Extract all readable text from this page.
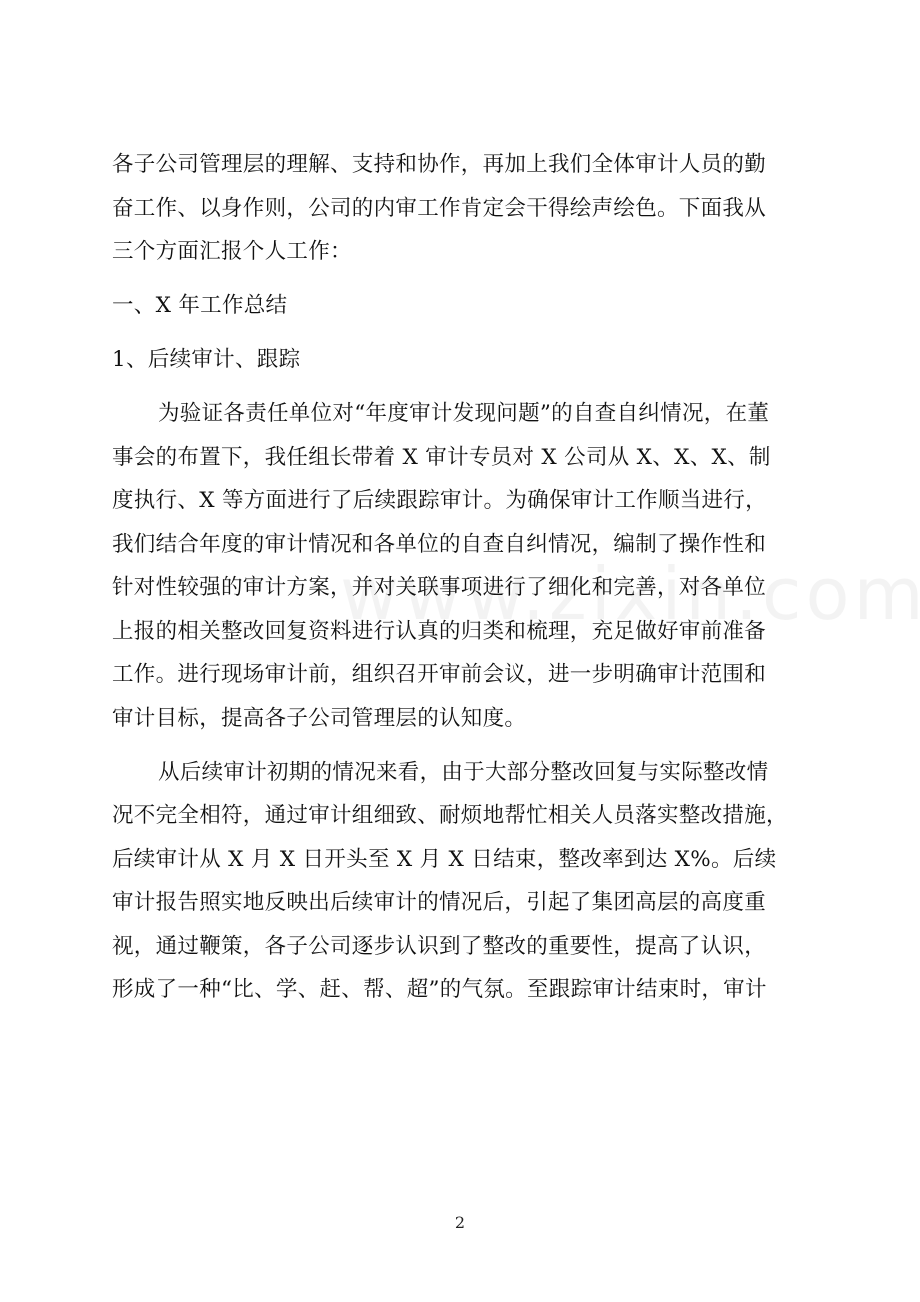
各子公司管理层的理解、支持和协作，再加上我们全体审计人员的勤
奋工作、以身作则，公司的内审工作肯定会干得绘声绘色。下面我从
三个方面汇报个人工作：

一、X 年工作总结

1、后续审计、跟踪

为验证各责任单位对“年度审计发现问题”的自查自纠情况，在董
事会的布置下，我任组长带着 X 审计专员对 X 公司从 X、X、X、制
度执行、X 等方面进行了后续跟踪审计。为确保审计工作顺当进行，
我们结合年度的审计情况和各单位的自查自纠情况，编制了操作性和
针对性较强的审计方案，并对关联事项进行了细化和完善，对各单位
上报的相关整改回复资料进行认真的归类和梳理，充足做好审前准备
工作。进行现场审计前，组织召开审前会议，进一步明确审计范围和
审计目标，提高各子公司管理层的认知度。

从后续审计初期的情况来看，由于大部分整改回复与实际整改情
况不完全相符，通过审计组细致、耐烦地帮忙相关人员落实整改措施，
后续审计从 X 月 X 日开头至 X 月 X 日结束，整改率到达 X%。后续
审计报告照实地反映出后续审计的情况后，引起了集团高层的高度重
视，通过鞭策，各子公司逐步认识到了整改的重要性，提高了认识，
形成了一种“比、学、赶、帮、超”的气氛。至跟踪审计结束时，审计

2
